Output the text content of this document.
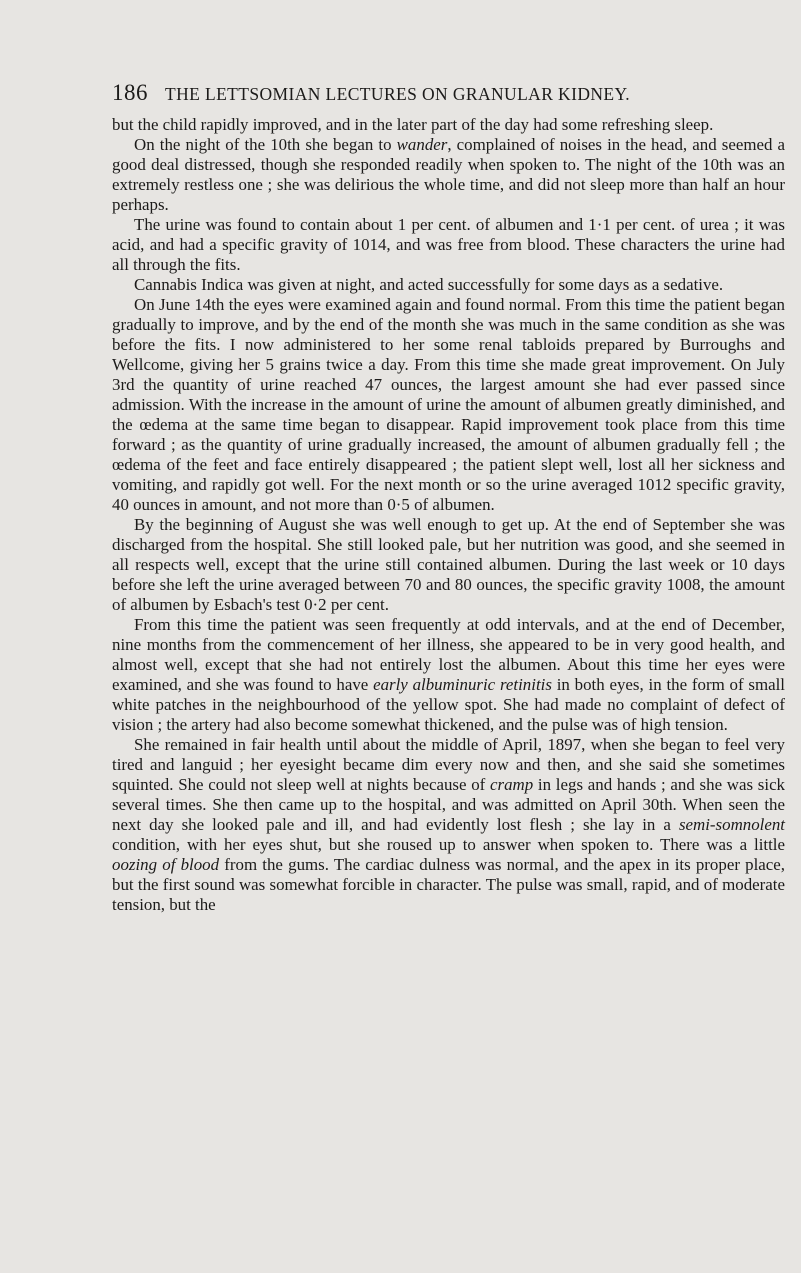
186 THE LETTSOMIAN LECTURES ON GRANULAR KIDNEY.

but the child rapidly improved, and in the later part of the day had some refreshing sleep.

On the night of the 10th she began to wander, complained of noises in the head, and seemed a good deal distressed, though she responded readily when spoken to. The night of the 10th was an extremely restless one ; she was delirious the whole time, and did not sleep more than half an hour perhaps.

The urine was found to contain about 1 per cent. of albumen and 1·1 per cent. of urea ; it was acid, and had a specific gravity of 1014, and was free from blood. These characters the urine had all through the fits.

Cannabis Indica was given at night, and acted successfully for some days as a sedative.

On June 14th the eyes were examined again and found normal. From this time the patient began gradually to improve, and by the end of the month she was much in the same condition as she was before the fits. I now administered to her some renal tabloids prepared by Burroughs and Wellcome, giving her 5 grains twice a day. From this time she made great improvement. On July 3rd the quantity of urine reached 47 ounces, the largest amount she had ever passed since admission. With the increase in the amount of urine the amount of albumen greatly diminished, and the œdema at the same time began to disappear. Rapid improvement took place from this time forward ; as the quantity of urine gradually increased, the amount of albumen gradually fell ; the œdema of the feet and face entirely disappeared ; the patient slept well, lost all her sickness and vomiting, and rapidly got well. For the next month or so the urine averaged 1012 specific gravity, 40 ounces in amount, and not more than 0·5 of albumen.

By the beginning of August she was well enough to get up. At the end of September she was discharged from the hospital. She still looked pale, but her nutrition was good, and she seemed in all respects well, except that the urine still contained albumen. During the last week or 10 days before she left the urine averaged between 70 and 80 ounces, the specific gravity 1008, the amount of albumen by Esbach's test 0·2 per cent.

From this time the patient was seen frequently at odd intervals, and at the end of December, nine months from the commencement of her illness, she appeared to be in very good health, and almost well, except that she had not entirely lost the albumen. About this time her eyes were examined, and she was found to have early albuminuric retinitis in both eyes, in the form of small white patches in the neighbourhood of the yellow spot. She had made no complaint of defect of vision ; the artery had also become somewhat thickened, and the pulse was of high tension.

She remained in fair health until about the middle of April, 1897, when she began to feel very tired and languid ; her eyesight became dim every now and then, and she said she sometimes squinted. She could not sleep well at nights because of cramp in legs and hands ; and she was sick several times. She then came up to the hospital, and was admitted on April 30th. When seen the next day she looked pale and ill, and had evidently lost flesh ; she lay in a semi-somnolent condition, with her eyes shut, but she roused up to answer when spoken to. There was a little oozing of blood from the gums. The cardiac dulness was normal, and the apex in its proper place, but the first sound was somewhat forcible in character. The pulse was small, rapid, and of moderate tension, but the
